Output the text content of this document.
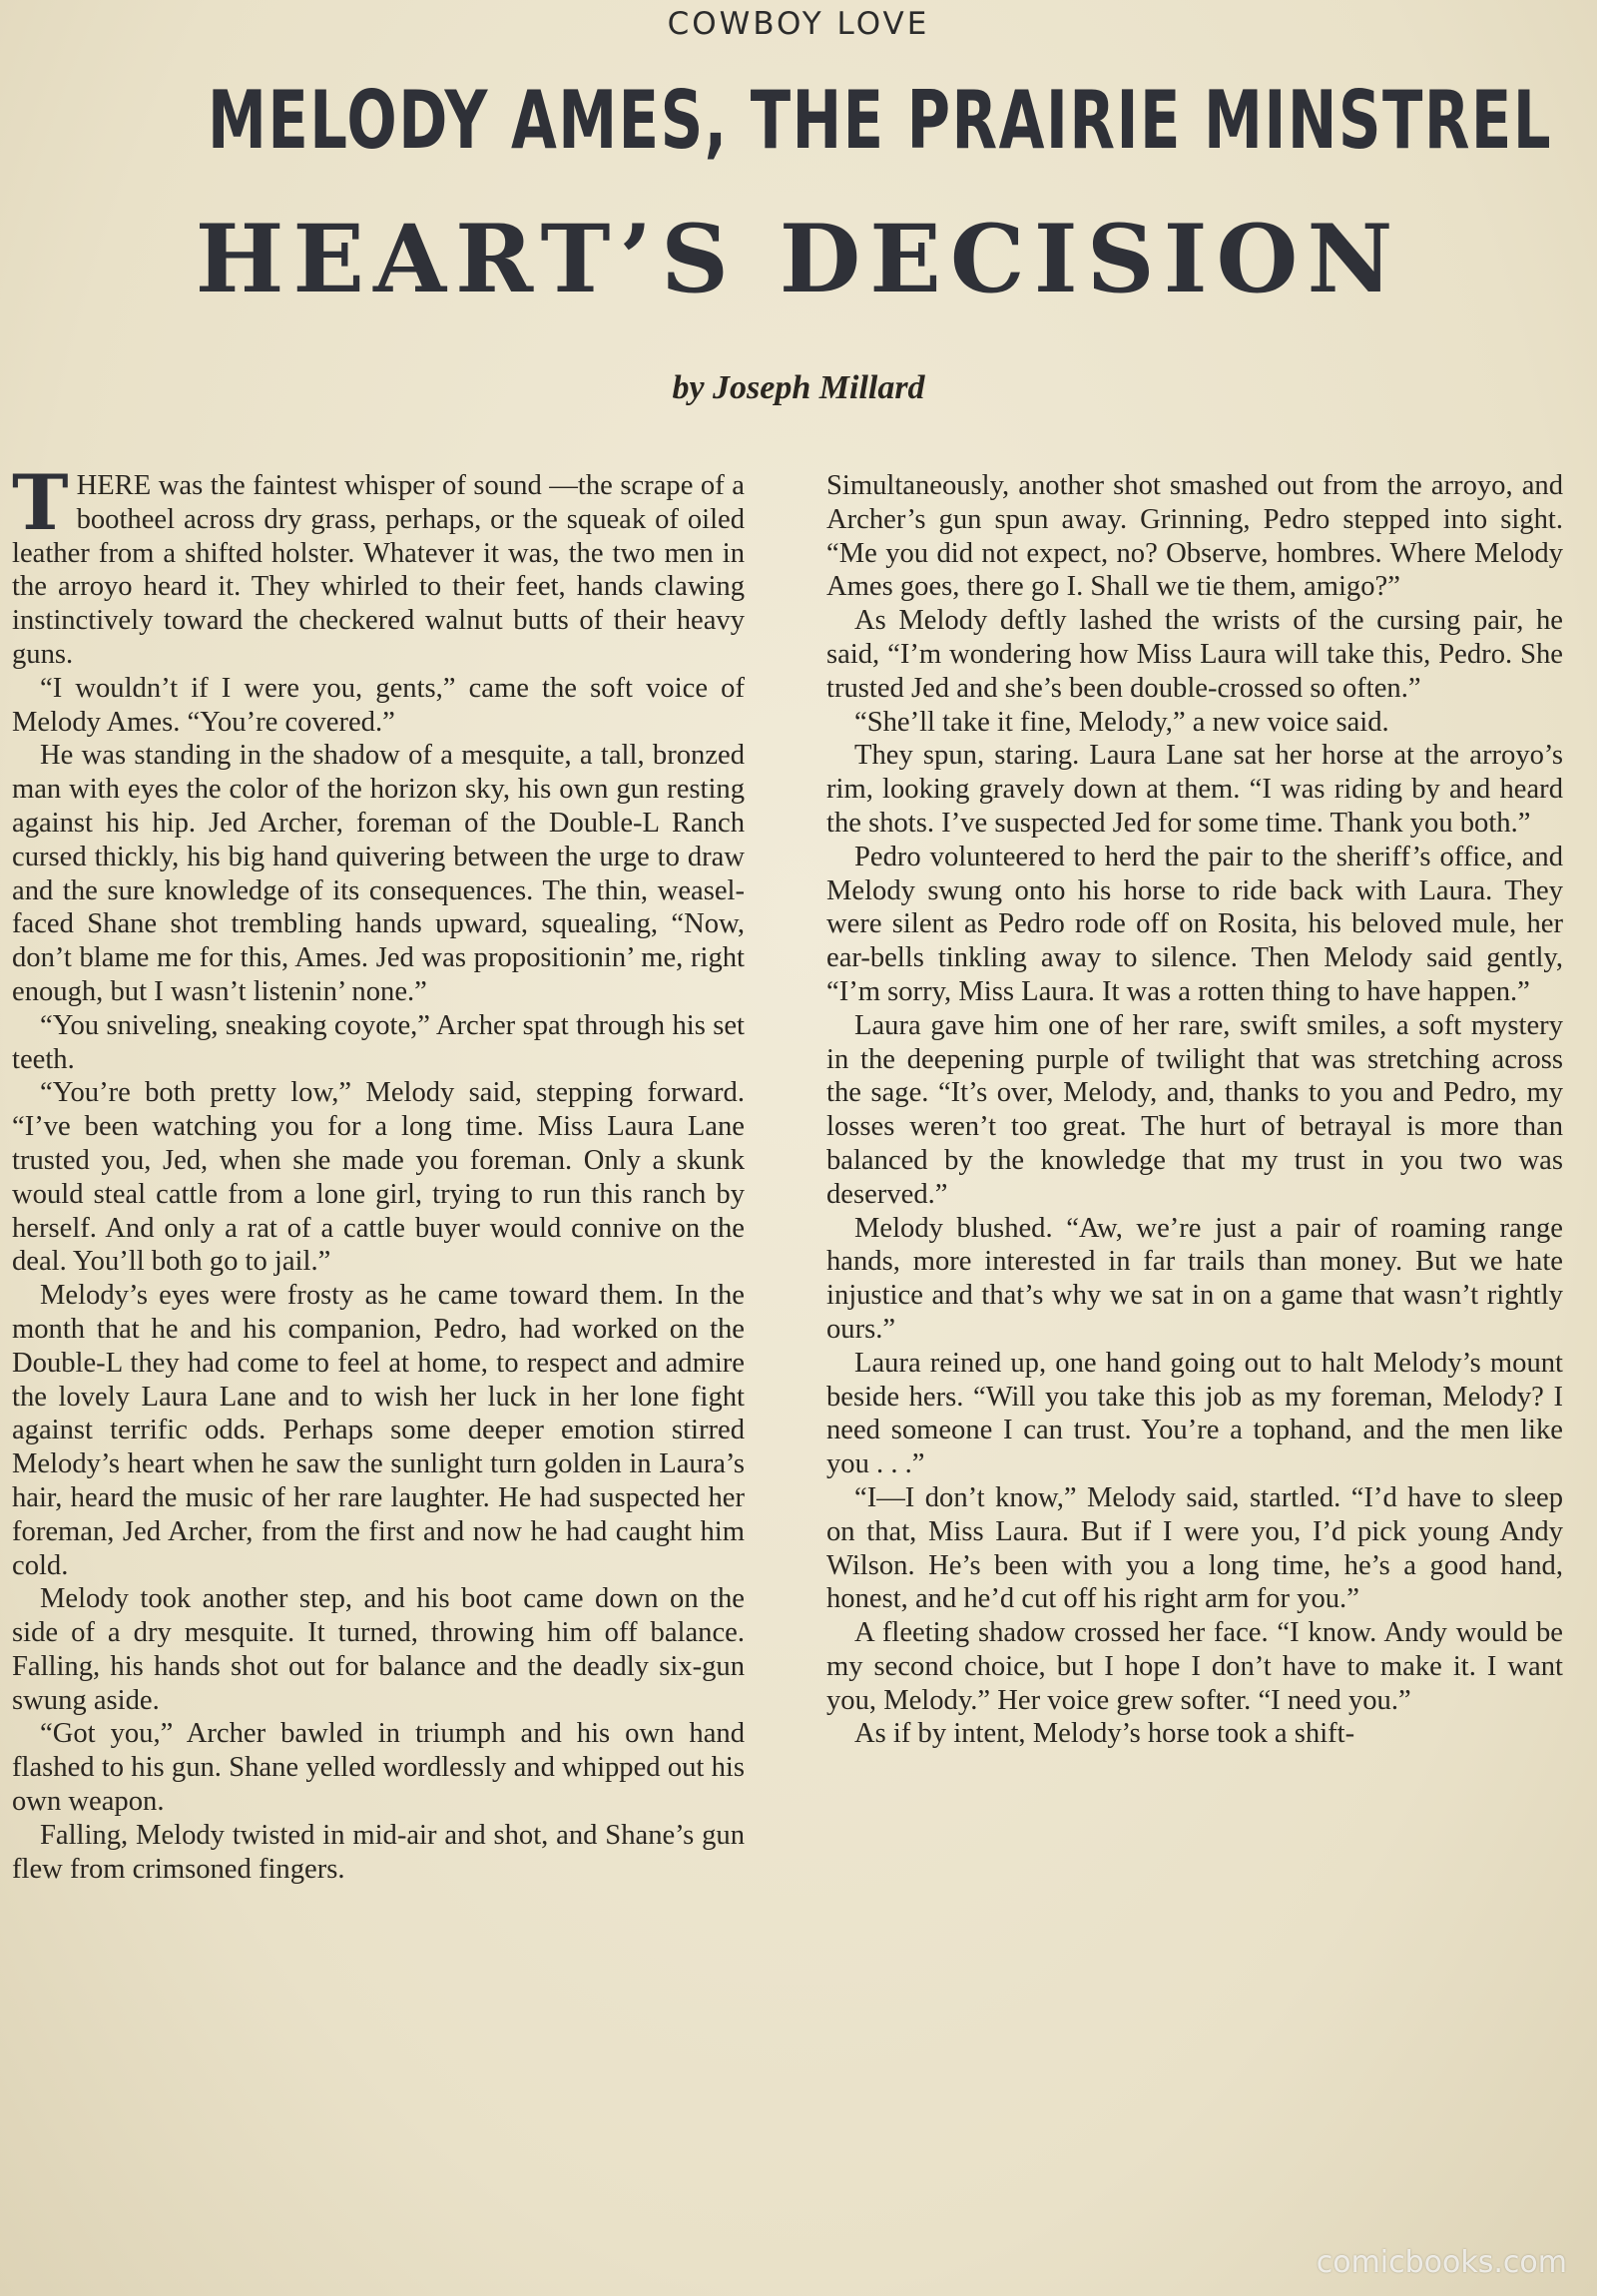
COWBOY LOVE
MELODY AMES, THE PRAIRIE MINSTREL
HEART’S DECISION
by Joseph Millard

THERE was the faintest whisper of sound —the scrape of a bootheel across dry grass, perhaps, or the squeak of oiled leather from a shifted holster. Whatever it was, the two men in the arroyo heard it. They whirled to their feet, hands clawing instinctively toward the checkered walnut butts of their heavy guns.

“I wouldn’t if I were you, gents,” came the soft voice of Melody Ames. “You’re covered.”

He was standing in the shadow of a mesquite, a tall, bronzed man with eyes the color of the horizon sky, his own gun resting against his hip. Jed Archer, foreman of the Double-L Ranch cursed thickly, his big hand quivering between the urge to draw and the sure knowledge of its consequences. The thin, weasel-faced Shane shot trembling hands upward, squealing, “Now, don’t blame me for this, Ames. Jed was propositionin’ me, right enough, but I wasn’t listenin’ none.”

“You sniveling, sneaking coyote,” Archer spat through his set teeth.

“You’re both pretty low,” Melody said, stepping forward. “I’ve been watching you for a long time. Miss Laura Lane trusted you, Jed, when she made you foreman. Only a skunk would steal cattle from a lone girl, trying to run this ranch by herself. And only a rat of a cattle buyer would connive on the deal. You’ll both go to jail.”

Melody’s eyes were frosty as he came toward them. In the month that he and his companion, Pedro, had worked on the Double-L they had come to feel at home, to respect and admire the lovely Laura Lane and to wish her luck in her lone fight against terrific odds. Perhaps some deeper emotion stirred Melody’s heart when he saw the sunlight turn golden in Laura’s hair, heard the music of her rare laughter. He had suspected her foreman, Jed Archer, from the first and now he had caught him cold.

Melody took another step, and his boot came down on the side of a dry mesquite. It turned, throwing him off balance. Falling, his hands shot out for balance and the deadly six-gun swung aside.

“Got you,” Archer bawled in triumph and his own hand flashed to his gun. Shane yelled wordlessly and whipped out his own weapon.

Falling, Melody twisted in mid-air and shot, and Shane’s gun flew from crimsoned fingers.

Simultaneously, another shot smashed out from the arroyo, and Archer’s gun spun away. Grinning, Pedro stepped into sight. “Me you did not expect, no? Observe, hombres. Where Melody Ames goes, there go I. Shall we tie them, amigo?”

As Melody deftly lashed the wrists of the cursing pair, he said, “I’m wondering how Miss Laura will take this, Pedro. She trusted Jed and she’s been double-crossed so often.”

“She’ll take it fine, Melody,” a new voice said.

They spun, staring. Laura Lane sat her horse at the arroyo’s rim, looking gravely down at them. “I was riding by and heard the shots. I’ve suspected Jed for some time. Thank you both.”

Pedro volunteered to herd the pair to the sheriff’s office, and Melody swung onto his horse to ride back with Laura. They were silent as Pedro rode off on Rosita, his beloved mule, her ear-bells tinkling away to silence. Then Melody said gently, “I’m sorry, Miss Laura. It was a rotten thing to have happen.”

Laura gave him one of her rare, swift smiles, a soft mystery in the deepening purple of twilight that was stretching across the sage. “It’s over, Melody, and, thanks to you and Pedro, my losses weren’t too great. The hurt of betrayal is more than balanced by the knowledge that my trust in you two was deserved.”

Melody blushed. “Aw, we’re just a pair of roaming range hands, more interested in far trails than money. But we hate injustice and that’s why we sat in on a game that wasn’t rightly ours.”

Laura reined up, one hand going out to halt Melody’s mount beside hers. “Will you take this job as my foreman, Melody? I need someone I can trust. You’re a tophand, and the men like you . . .”

“I—I don’t know,” Melody said, startled. “I’d have to sleep on that, Miss Laura. But if I were you, I’d pick young Andy Wilson. He’s been with you a long time, he’s a good hand, honest, and he’d cut off his right arm for you.”

A fleeting shadow crossed her face. “I know. Andy would be my second choice, but I hope I don’t have to make it. I want you, Melody.” Her voice grew softer. “I need you.”

As if by intent, Melody’s horse took a shift-

comicbooks.com
